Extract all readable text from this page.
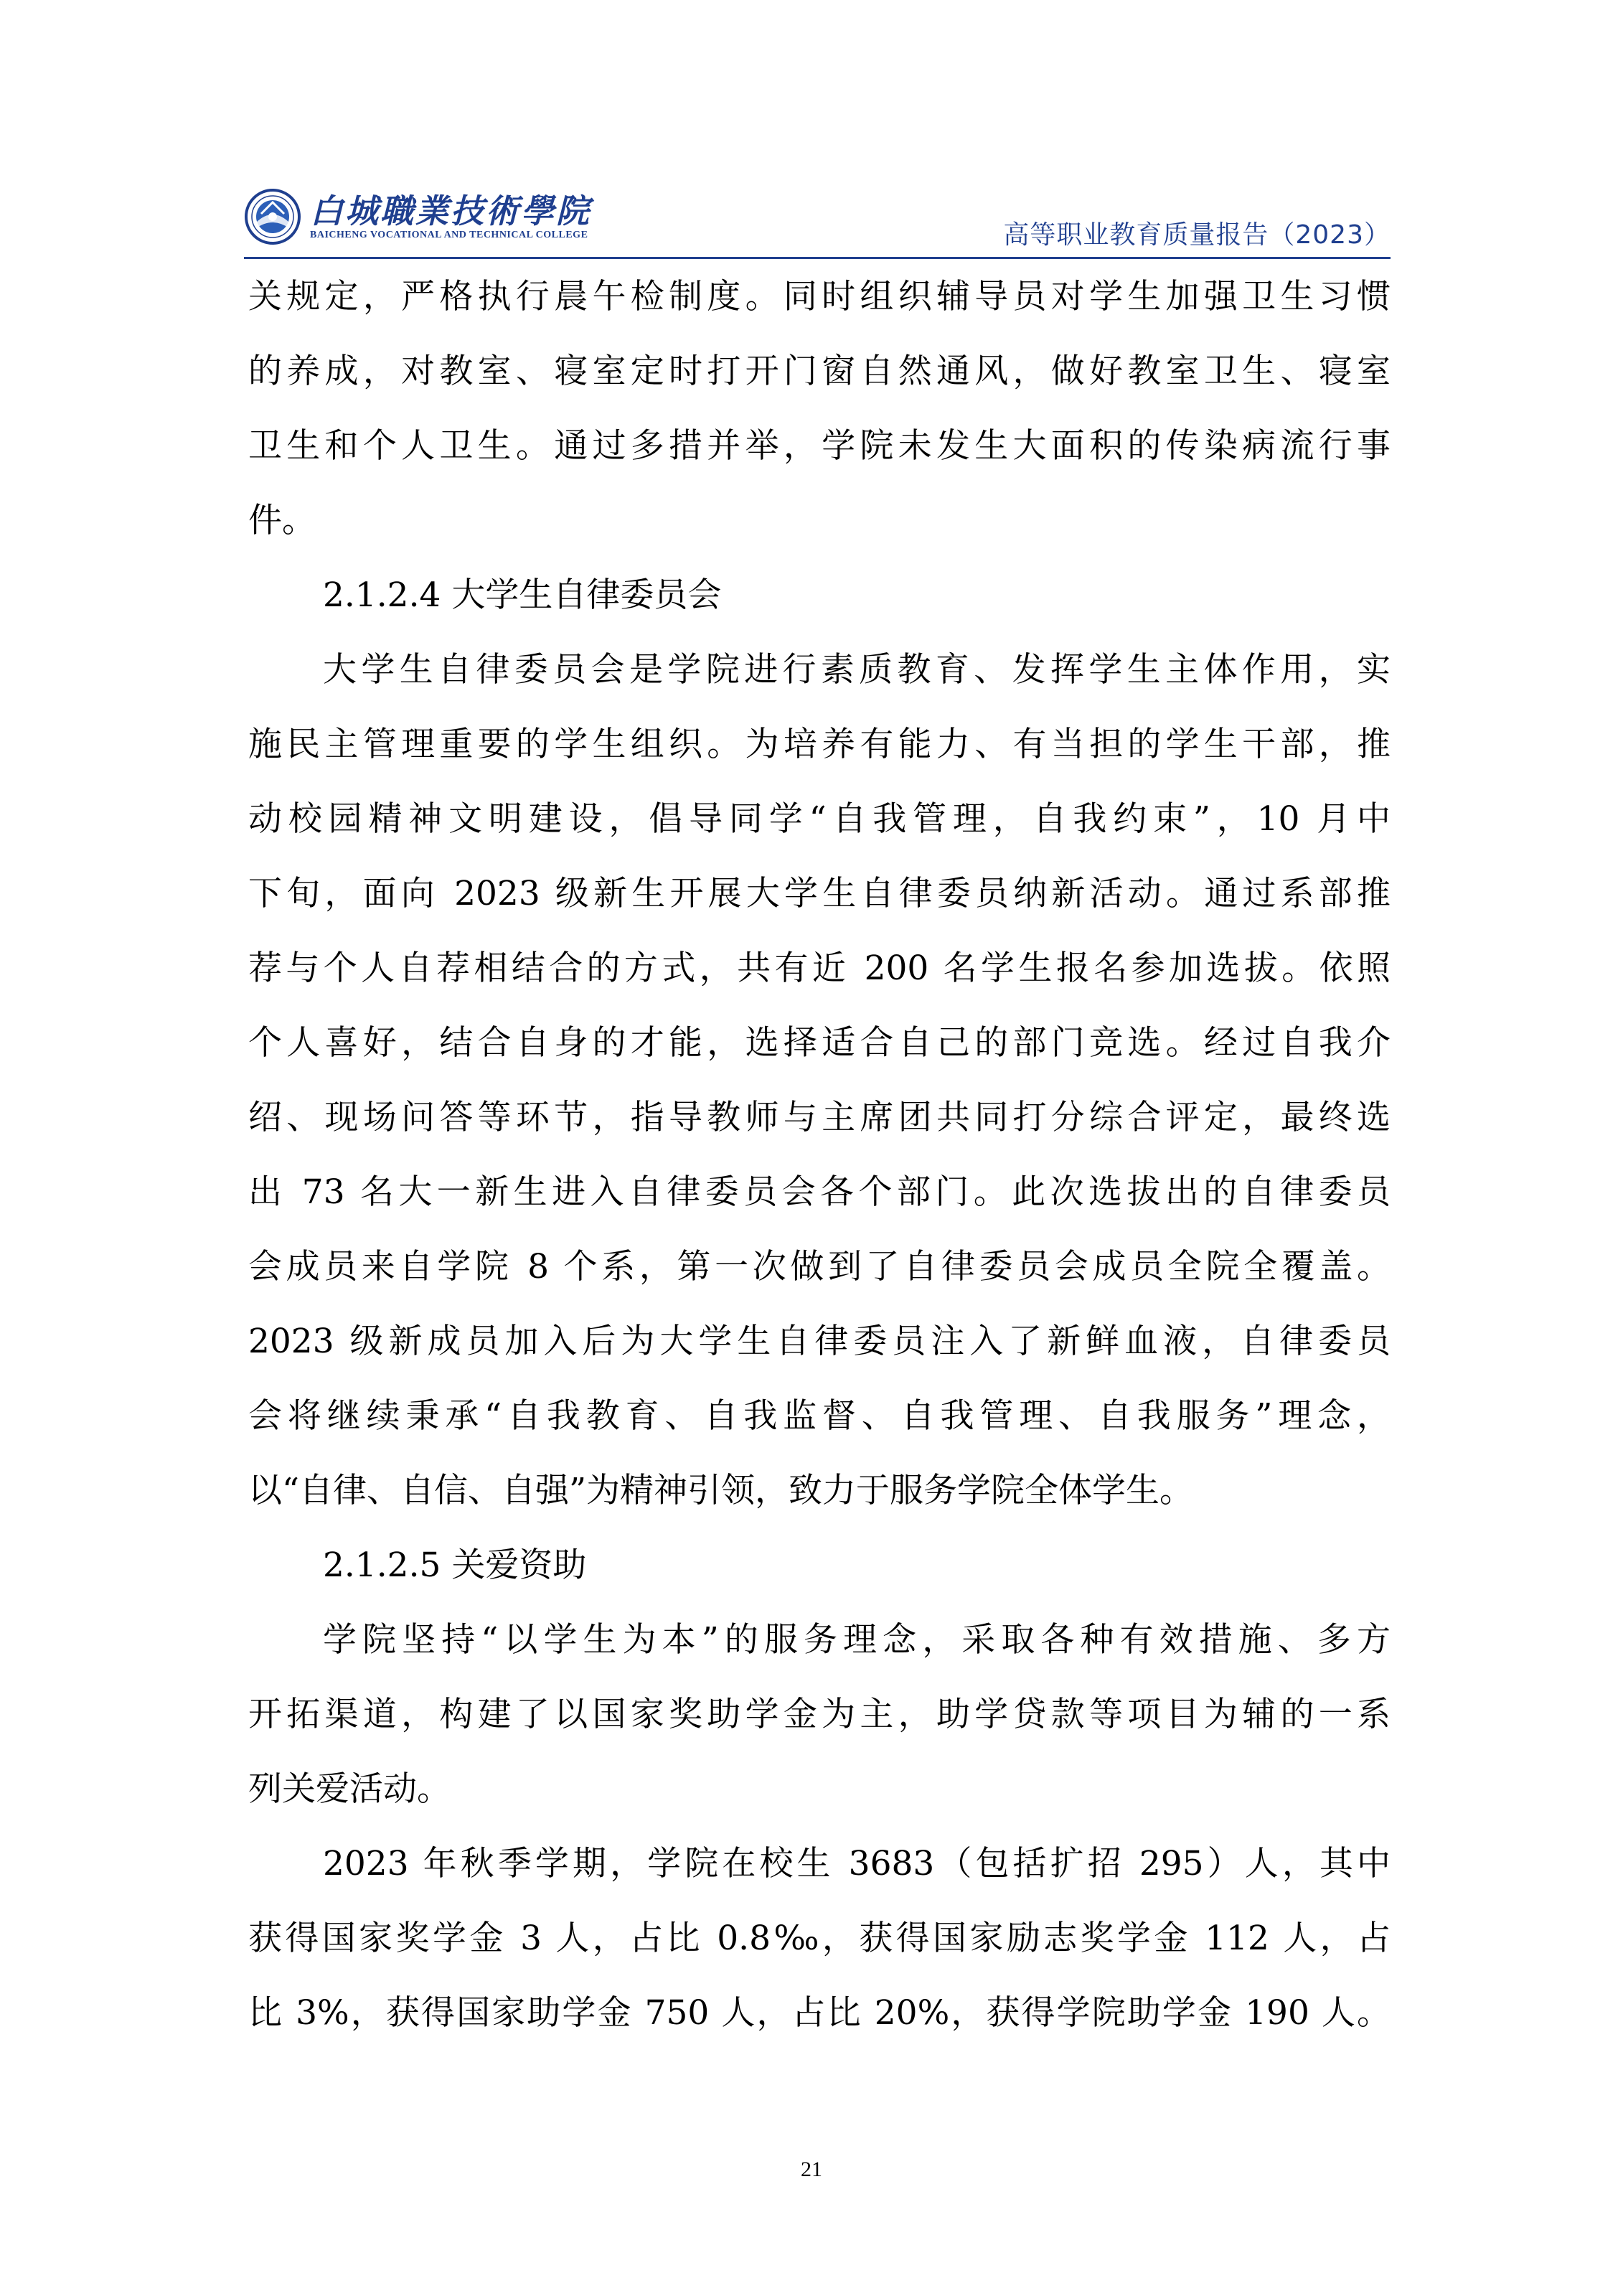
白城職業技術學院
BAICHENG VOCATIONAL AND TECHNICAL COLLEGE	高等职业教育质量报告（2023）
关规定，严格执行晨午检制度。同时组织辅导员对学生加强卫生习惯
的养成，对教室、寝室定时打开门窗自然通风，做好教室卫生、寝室
卫生和个人卫生。通过多措并举，学院未发生大面积的传染病流行事
件。
2.1.2.4 大学生自律委员会
大学生自律委员会是学院进行素质教育、发挥学生主体作用，实
施民主管理重要的学生组织。为培养有能力、有当担的学生干部，推
动校园精神文明建设，倡导同学“自我管理，自我约束”，10 月中
下旬，面向 2023 级新生开展大学生自律委员纳新活动。通过系部推
荐与个人自荐相结合的方式，共有近 200 名学生报名参加选拔。依照
个人喜好，结合自身的才能，选择适合自己的部门竞选。经过自我介
绍、现场问答等环节，指导教师与主席团共同打分综合评定，最终选
出 73 名大一新生进入自律委员会各个部门。此次选拔出的自律委员
会成员来自学院 8 个系，第一次做到了自律委员会成员全院全覆盖。
2023 级新成员加入后为大学生自律委员注入了新鲜血液，自律委员
会将继续秉承“自我教育、自我监督、自我管理、自我服务”理念，
以“自律、自信、自强”为精神引领，致力于服务学院全体学生。
2.1.2.5 关爱资助
学院坚持“以学生为本”的服务理念，采取各种有效措施、多方
开拓渠道，构建了以国家奖助学金为主，助学贷款等项目为辅的一系
列关爱活动。
2023 年秋季学期，学院在校生 3683（包括扩招 295）人，其中
获得国家奖学金 3 人，占比 0.8‰，获得国家励志奖学金 112 人，占
比 3%，获得国家助学金 750 人，占比 20%，获得学院助学金 190 人。
21
